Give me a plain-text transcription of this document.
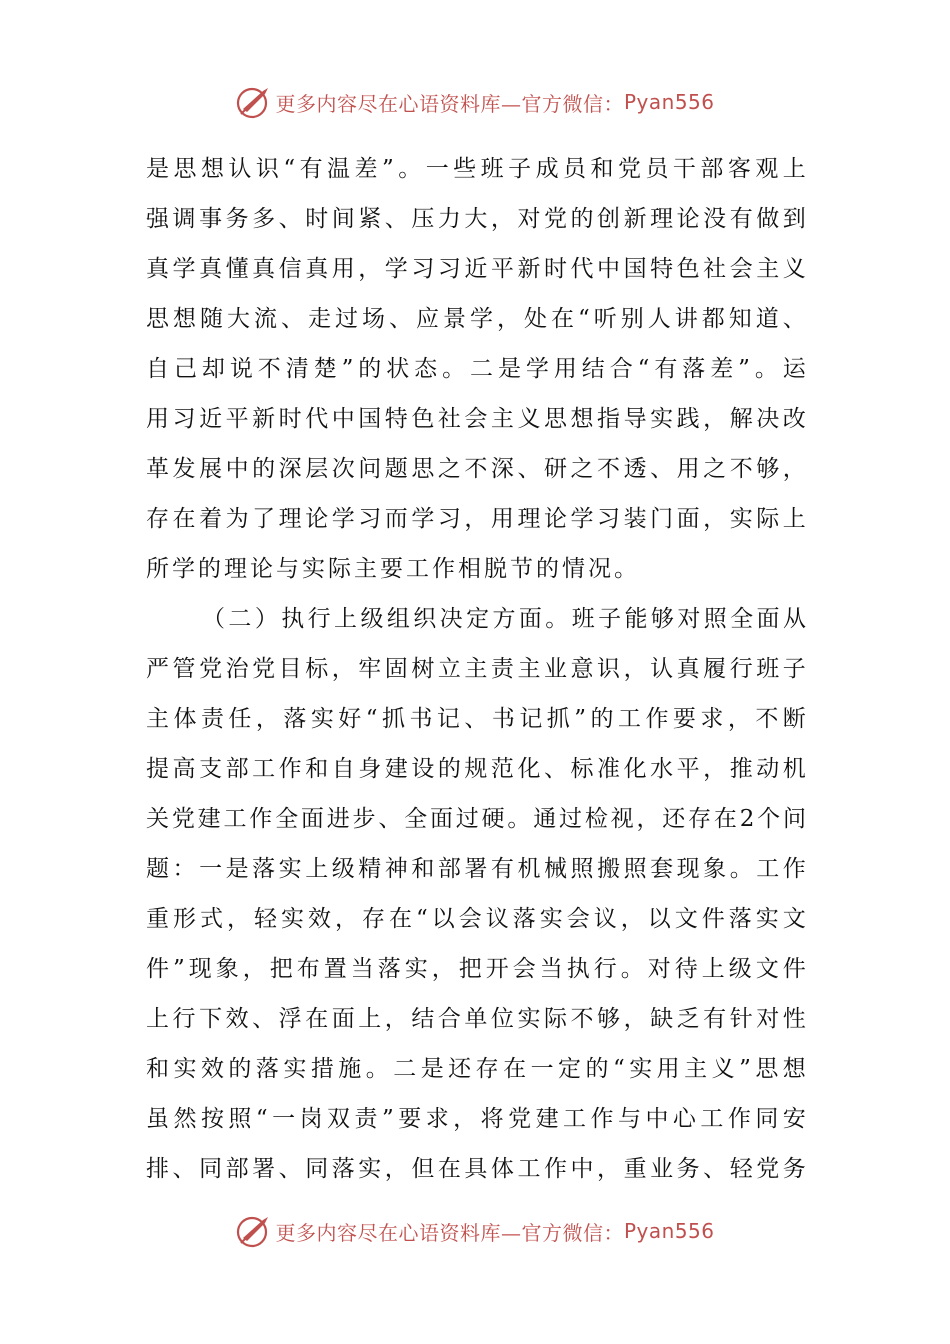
更多内容尽在心语资料库—官方微信： Pyan556
是 思 想 认 识 “ 有 温 差 ” 。 一 些 班 子 成 员 和 党 员 干 部 客 观 上
强 调 事 务 多 、 时 间 紧 、 压 力 大 ， 对 党 的 创 新 理 论 没 有 做 到
真 学 真 懂 真 信 真 用 ， 学 习 习 近 平 新 时 代 中 国 特 色 社 会 主 义
思 想 随 大 流 、 走 过 场 、 应 景 学 ， 处 在 “ 听 别 人 讲 都 知 道 、
自 己 却 说 不 清 楚 ” 的 状 态 。 二 是 学 用 结 合 “ 有 落 差 ” 。 运
用 习 近 平 新 时 代 中 国 特 色 社 会 主 义 思 想 指 导 实 践 ， 解 决 改
革 发 展 中 的 深 层 次 问 题 思 之 不 深 、 研 之 不 透 、 用 之 不 够 ，
存 在 着 为 了 理 论 学 习 而 学 习 ， 用 理 论 学 习 装 门 面 ， 实 际 上
所学的理论与实际主要工作相脱节的情况。
（ 二 ） 执 行 上 级 组 织 决 定 方 面 。 班 子 能 够 对 照 全 面 从
严 管 党 治 党 目 标 ， 牢 固 树 立 主 责 主 业 意 识 ， 认 真 履 行 班 子
主 体 责 任 ， 落 实 好 “ 抓 书 记 、 书 记 抓 ” 的 工 作 要 求 ， 不 断
提 高 支 部 工 作 和 自 身 建 设 的 规 范 化 、 标 准 化 水 平 ， 推 动 机
关 党 建 工 作 全 面 进 步 、 全 面 过 硬 。 通 过 检 视 ， 还 存 在 2 个 问
题 ： 一 是 落 实 上 级 精 神 和 部 署 有 机 械 照 搬 照 套 现 象 。 工 作
重 形 式 ， 轻 实 效 ， 存 在 “ 以 会 议 落 实 会 议 ， 以 文 件 落 实 文
件 ” 现 象 ， 把 布 置 当 落 实 ， 把 开 会 当 执 行 。 对 待 上 级 文 件
上 行 下 效 、 浮 在 面 上 ， 结 合 单 位 实 际 不 够 ， 缺 乏 有 针 对 性
和 实 效 的 落 实 措 施 。 二 是 还 存 在 一 定 的 “ 实 用 主 义 ” 思 想
虽 然 按 照 “ 一 岗 双 责 ” 要 求 ， 将 党 建 工 作 与 中 心 工 作 同 安
排 、 同 部 署 、 同 落 实 ， 但 在 具 体 工 作 中 ， 重 业 务 、 轻 党 务
更多内容尽在心语资料库—官方微信： Pyan556
